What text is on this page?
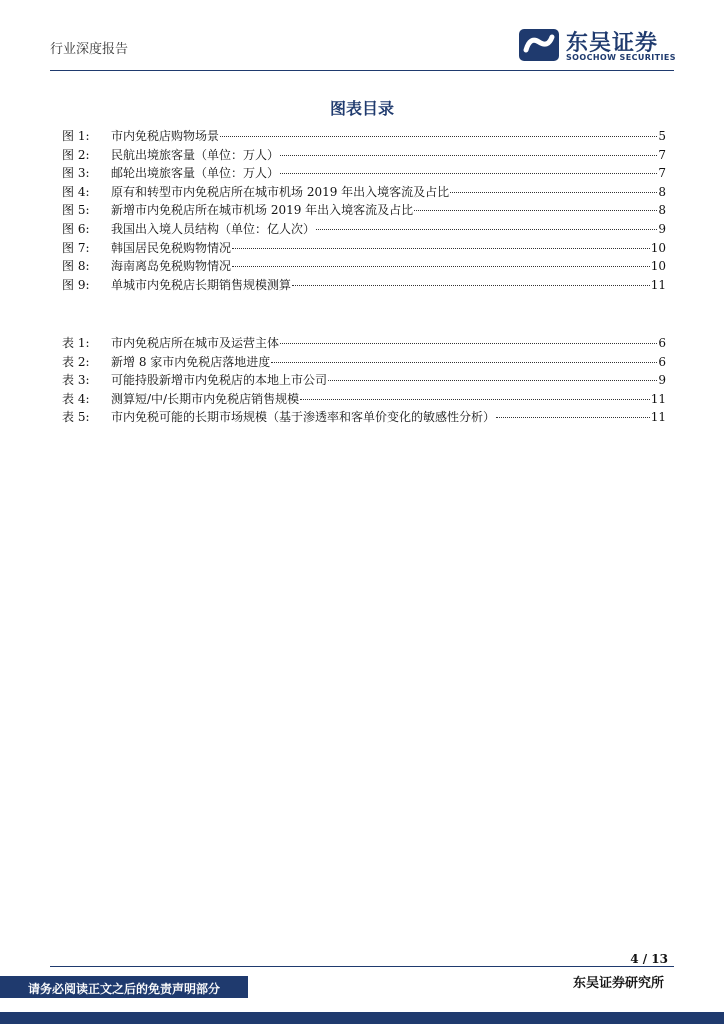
行业深度报告	东吴证券
SOOCHOW SECURITIES
图表目录
图 1:	市内免税店购物场景	5
图 2:	民航出境旅客量（单位：万人）	7
图 3:	邮轮出境旅客量（单位：万人）	7
图 4:	原有和转型市内免税店所在城市机场 2019 年出入境客流及占比	8
图 5:	新增市内免税店所在城市机场 2019 年出入境客流及占比	8
图 6:	我国出入境人员结构（单位：亿人次）	9
图 7:	韩国居民免税购物情况	10
图 8:	海南离岛免税购物情况	10
图 9:	单城市内免税店长期销售规模测算	11
表 1:	市内免税店所在城市及运营主体	6
表 2:	新增 8 家市内免税店落地进度	6
表 3:	可能持股新增市内免税店的本地上市公司	9
表 4:	测算短/中/长期市内免税店销售规模	11
表 5:	市内免税可能的长期市场规模（基于渗透率和客单价变化的敏感性分析）	11
4 / 13
东吴证券研究所
请务必阅读正文之后的免责声明部分
